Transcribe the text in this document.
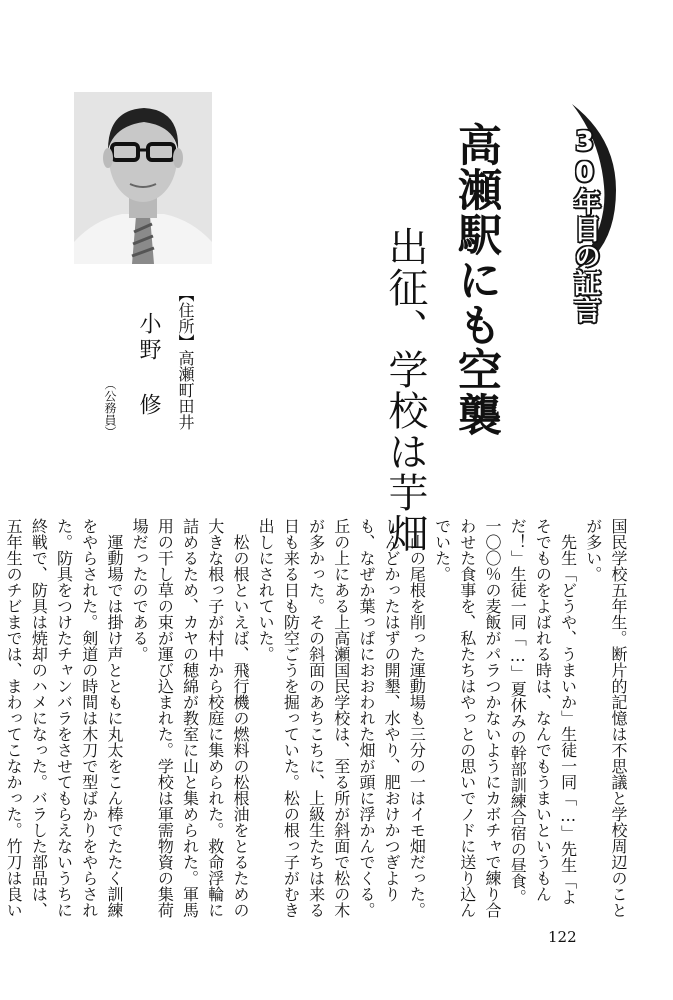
30年目の証言
高瀬駅にも空襲
出征、学校は芋畑
【住所】高瀬町田井
小野 修
（公務員）

国民学校五年生。断片的記憶は不思議と学校周辺のことが多い。

先生「どうや、うまいか」生徒一同「…」先生「よそでものをよばれる時は、なんでもうまいというもんだ！」生徒一同「…」夏休みの幹部訓練合宿の昼食。一〇〇％の麦飯がパラつかないようにカボチャで練り合わせた食事を、私たちはやっとの思いでノドに送り込んでいた。

山の尾根を削った運動場も三分の一はイモ畑だった。しんどかったはずの開墾、水やり、肥おけかつぎよりも、なぜか葉っぱにおおわれた畑が頭に浮かんでくる。丘の上にある上高瀬国民学校は、至る所が斜面で松の木が多かった。その斜面のあちこちに、上級生たちは来る日も来る日も防空ごうを掘っていた。松の根っ子がむき出しにされていた。

松の根といえば、飛行機の燃料の松根油をとるための大きな根っ子が村中から校庭に集められた。救命浮輪に詰めるため、カヤの穂綿が教室に山と集められた。軍馬用の干し草の束が運び込まれた。学校は軍需物資の集荷場だったのである。

運動場では掛け声とともに丸太をこん棒でたたく訓練をやらされた。剣道の時間は木刀で型ばかりをやらされた。防具をつけたチャンバラをさせてもらえないうちに終戦で、防具は焼却のハメになった。バラした部品は、五年生のチビまでは、まわってこなかった。竹刀は良い

122
